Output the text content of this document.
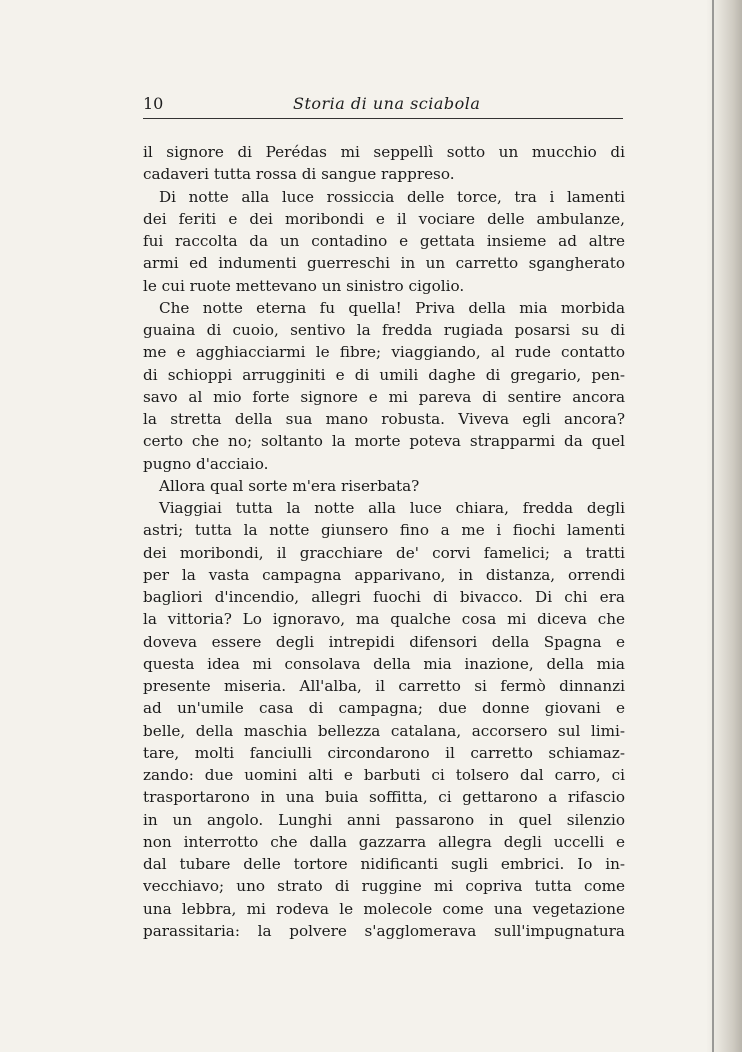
10	Storia di una sciabola
il signore di Perédas mi seppellì sotto un mucchio di
cadaveri tutta rossa di sangue rappreso.
Di notte alla luce rossiccia delle torce, tra i lamenti
dei feriti e dei moribondi e il vociare delle ambulanze,
fui raccolta da un contadino e gettata insieme ad altre
armi ed indumenti guerreschi in un carretto sgangherato
le cui ruote mettevano un sinistro cigolio.
Che notte eterna fu quella! Priva della mia morbida
guaina di cuoio, sentivo la fredda rugiada posarsi su di
me e agghiacciarmi le fibre; viaggiando, al rude contatto
di schioppi arrugginiti e di umili daghe di gregario, pen-
savo al mio forte signore e mi pareva di sentire ancora
la stretta della sua mano robusta. Viveva egli ancora?
certo che no; soltanto la morte poteva strapparmi da quel
pugno d'acciaio.
Allora qual sorte m'era riserbata?
Viaggiai tutta la notte alla luce chiara, fredda degli
astri; tutta la notte giunsero fino a me i fiochi lamenti
dei moribondi, il gracchiare de' corvi famelici; a tratti
per la vasta campagna apparivano, in distanza, orrendi
bagliori d'incendio, allegri fuochi di bivacco. Di chi era
la vittoria? Lo ignoravo, ma qualche cosa mi diceva che
doveva essere degli intrepidi difensori della Spagna e
questa idea mi consolava della mia inazione, della mia
presente miseria. All'alba, il carretto si fermò dinnanzi
ad un'umile casa di campagna; due donne giovani e
belle, della maschia bellezza catalana, accorsero sul limi-
tare, molti fanciulli circondarono il carretto schiamaz-
zando: due uomini alti e barbuti ci tolsero dal carro, ci
trasportarono in una buia soffitta, ci gettarono a rifascio
in un angolo. Lunghi anni passarono in quel silenzio
non interrotto che dalla gazzarra allegra degli uccelli e
dal tubare delle tortore nidificanti sugli embrici. Io in-
vecchiavo; uno strato di ruggine mi copriva tutta come
una lebbra, mi rodeva le molecole come una vegetazione
parassitaria: la polvere s'agglomerava sull'impugnatura
